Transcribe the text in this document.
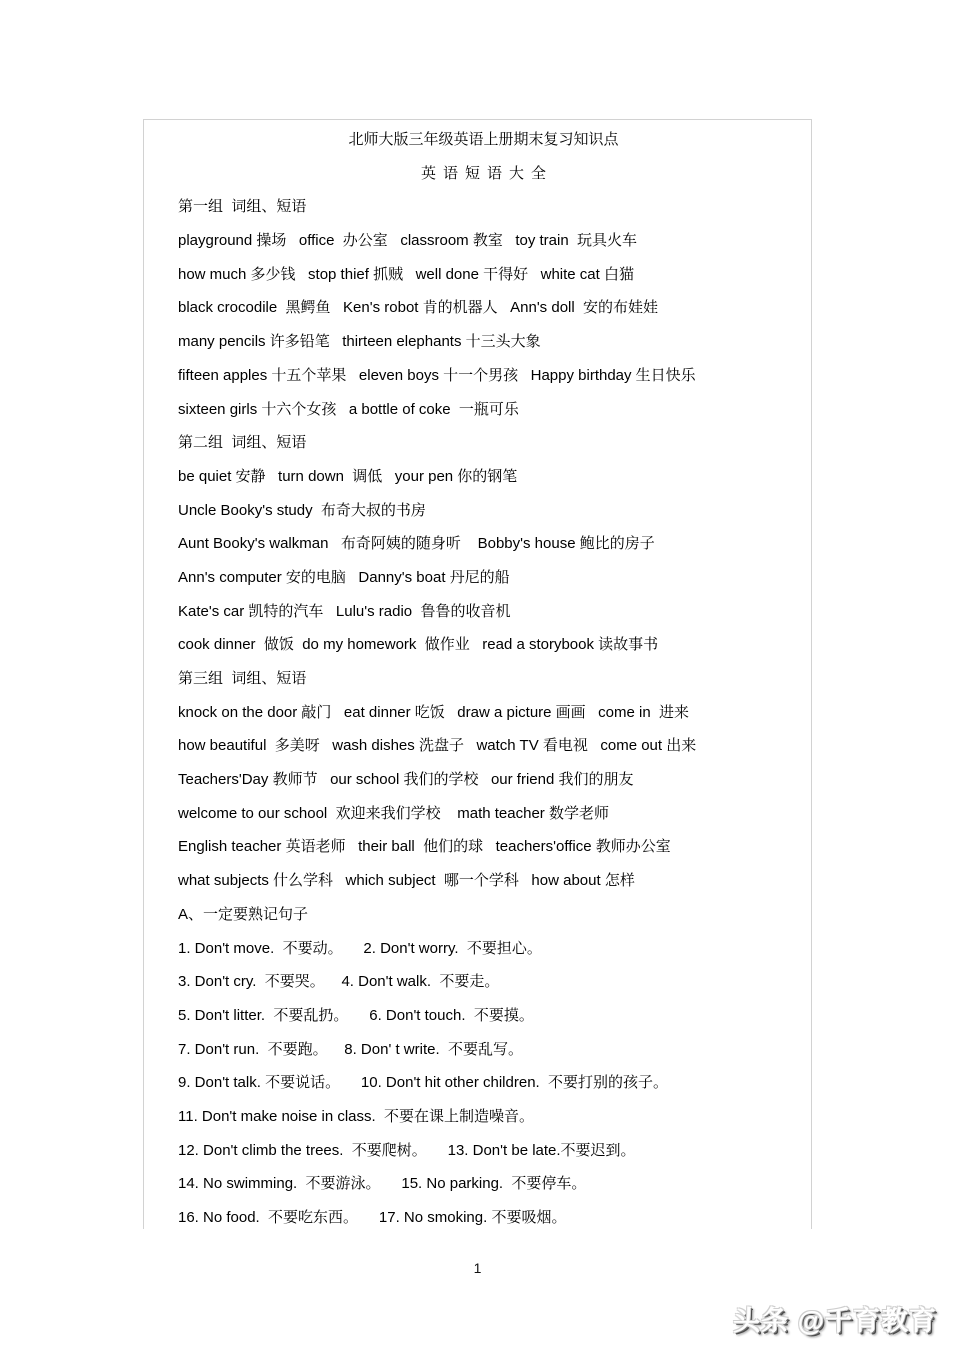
北师大版三年级英语上册期末复习知识点

英语短语大全

第一组  词组、短语

playground 操场   office  办公室   classroom 教室   toy train  玩具火车

how much 多少钱   stop thief 抓贼   well done 干得好   white cat 白猫

black crocodile  黑鳄鱼   Ken's robot 肯的机器人   Ann's doll  安的布娃娃

many pencils 许多铅笔   thirteen elephants 十三头大象

fifteen apples 十五个苹果   eleven boys 十一个男孩   Happy birthday 生日快乐

sixteen girls 十六个女孩   a bottle of coke  一瓶可乐

第二组  词组、短语

be quiet 安静   turn down  调低   your pen 你的钢笔

Uncle Booky's study  布奇大叔的书房

Aunt Booky's walkman   布奇阿姨的随身听    Bobby's house 鲍比的房子

Ann's computer 安的电脑   Danny's boat 丹尼的船

Kate's car 凯特的汽车   Lulu's radio  鲁鲁的收音机

cook dinner  做饭  do my homework  做作业   read a storybook 读故事书

第三组  词组、短语

knock on the door 敲门   eat dinner 吃饭   draw a picture 画画   come in  进来

how beautiful  多美呀   wash dishes 洗盘子   watch TV 看电视   come out 出来

Teachers'Day 教师节   our school 我们的学校   our friend 我们的朋友

welcome to our school  欢迎来我们学校    math teacher 数学老师

English teacher 英语老师   their ball  他们的球   teachers'office 教师办公室

what subjects 什么学科   which subject  哪一个学科   how about 怎样

A、一定要熟记句子

1. Don't move.  不要动。     2. Don't worry.  不要担心。

3. Don't cry.  不要哭。    4. Don't walk.  不要走。

5. Don't litter.  不要乱扔。     6. Don't touch.  不要摸。

7. Don't run.  不要跑。    8. Don' t write.  不要乱写。

9. Don't talk. 不要说话。     10. Don't hit other children.  不要打别的孩子。

11. Don't make noise in class.  不要在课上制造噪音。

12. Don't climb the trees.  不要爬树。     13. Don't be late.不要迟到。

14. No swimming.  不要游泳。     15. No parking.  不要停车。

16. No food.  不要吃东西。     17. No smoking. 不要吸烟。

1
头条 @千育教育
